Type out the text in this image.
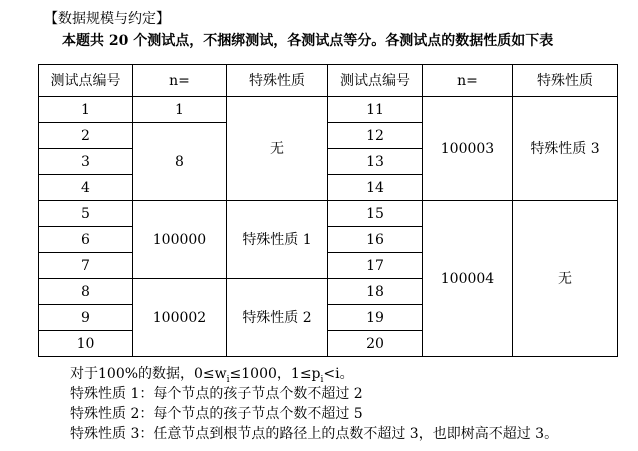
【数据规模与约定】
本题共 20 个测试点，不捆绑测试，各测试点等分。各测试点的数据性质如下表
测试点编号	n=	特殊性质	测试点编号	n=	特殊性质
1	1	无	11	100003	特殊性质 3
2	8		12		
3			13		
4			14		
5	100000	特殊性质 1	15	100004	无
6			16		
7			17		
8	100002	特殊性质 2	18		
9			19		
10			20		
对于100%的数据，$0\le w_i\le 1000$，$1\le p_i<i$。
特殊性质 1：每个节点的孩子节点个数不超过 2
特殊性质 2：每个节点的孩子节点个数不超过 5
特殊性质 3：任意节点到根节点的路径上的点数不超过 3，也即树高不超过 3。
